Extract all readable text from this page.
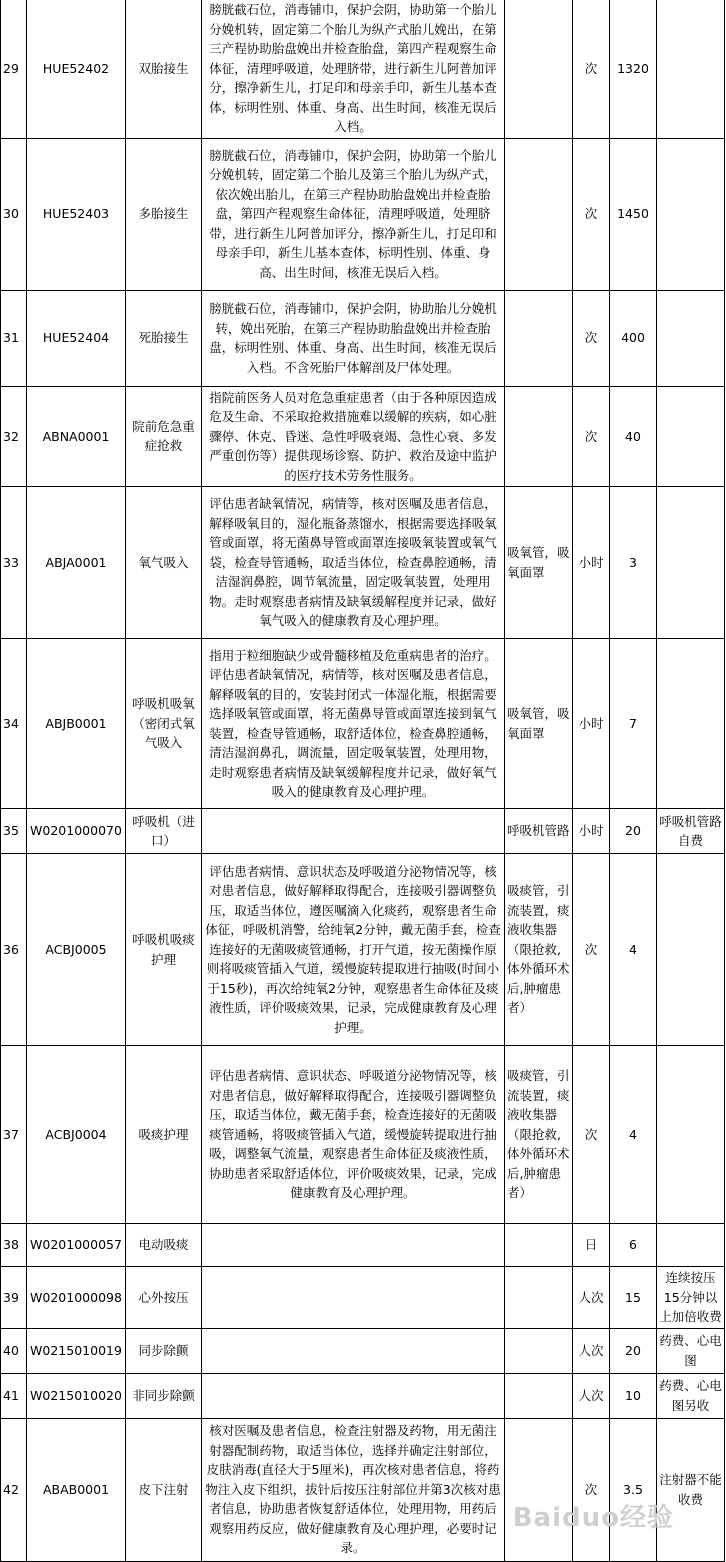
29	HUE52402	双胎接生	膀胱截石位，消毒铺巾，保护会阴，协助第一个胎儿分娩机转，固定第二个胎儿为纵产式胎儿娩出，在第三产程协助胎盘娩出并检查胎盘，第四产程观察生命体征，清理呼吸道，处理脐带，进行新生儿阿普加评分，擦净新生儿，打足印和母亲手印，新生儿基本查体，标明性别、体重、身高、出生时间，核准无误后入档。		次	1320	
30	HUE52403	多胎接生	膀胱截石位，消毒铺巾，保护会阴，协助第一个胎儿分娩机转，固定第二个胎儿及第三个胎儿为纵产式，依次娩出胎儿，在第三产程协助胎盘娩出并检查胎盘，第四产程观察生命体征，清理呼吸道，处理脐带，进行新生儿阿普加评分，擦净新生儿，打足印和母亲手印，新生儿基本查体，标明性别、体重、身高、出生时间，核准无误后入档。		次	1450	
31	HUE52404	死胎接生	膀胱截石位，消毒铺巾，保护会阴，协助胎儿分娩机转，娩出死胎，在第三产程协助胎盘娩出并检查胎盘，标明性别、体重、身高、出生时间，核准无误后入档。不含死胎尸体解剖及尸体处理。		次	400	
32	ABNA0001	院前危急重症抢救	指院前医务人员对危急重症患者（由于各种原因造成危及生命、不采取抢救措施难以缓解的疾病，如心脏骤停、休克、昏迷、急性呼吸衰竭、急性心衰、多发严重创伤等）提供现场诊察、防护、救治及途中监护的医疗技术劳务性服务。		次	40	
33	ABJA0001	氧气吸入	评估患者缺氧情况，病情等，核对医嘱及患者信息，解释吸氧目的，湿化瓶备蒸馏水，根据需要选择吸氧管或面罩，将无菌鼻导管或面罩连接吸氧装置或氧气袋，检查导管通畅，取适当体位，检查鼻腔通畅，清洁湿润鼻腔，调节氧流量，固定吸氧装置，处理用物。走时观察患者病情及缺氧缓解程度并记录，做好氧气吸入的健康教育及心理护理。	吸氧管，吸氧面罩	小时	3	
34	ABJB0001	呼吸机吸氧（密闭式氧气吸入	指用于粒细胞缺少或骨髓移植及危重病患者的治疗。评估患者缺氧情况，病情等，核对医嘱及患者信息，解释吸氧的目的，安装封闭式一体湿化瓶，根据需要选择吸氧管或面罩，将无菌鼻导管或面罩连接到氧气装置，检查导管通畅，取舒适体位，检查鼻腔通畅，清洁湿润鼻孔，调流量，固定吸氧装置，处理用物，走时观察患者病情及缺氧缓解程度并记录，做好氧气吸入的健康教育及心理护理。	吸氧管，吸氧面罩	小时	7	
35	W0201000070	呼吸机（进口）		呼吸机管路	小时	20	呼吸机管路自费
36	ACBJ0005	呼吸机吸痰护理	评估患者病情、意识状态及呼吸道分泌物情况等，核对患者信息，做好解释取得配合，连接吸引器调整负压，取适当体位，遵医嘱滴入化痰药，观察患者生命体征，呼吸机消警，给纯氧2分钟，戴无菌手套，检查连接好的无菌吸痰管通畅，打开气道，按无菌操作原则将吸痰管插入气道，缓慢旋转提取进行抽吸(时间小于15秒)，再次给纯氧2分钟，观察患者生命体征及痰液性质，评价吸痰效果，记录，完成健康教育及心理护理。	吸痰管，引流装置，痰液收集器（限抢救,体外循环术后,肿瘤患者）	次	4	
37	ACBJ0004	吸痰护理	评估患者病情、意识状态、呼吸道分泌物情况等，核对患者信息，做好解释取得配合，连接吸引器调整负压，取适当体位，戴无菌手套，检查连接好的无菌吸痰管通畅，将吸痰管插入气道，缓慢旋转提取进行抽吸，调整氧气流量，观察患者生命体征及痰液性质，协助患者采取舒适体位，评价吸痰效果，记录，完成健康教育及心理护理。	吸痰管，引流装置，痰液收集器（限抢救,体外循环术后,肿瘤患者）	次	4	
38	W0201000057	电动吸痰			日	6	
39	W0201000098	心外按压			人次	15	连续按压15分钟以上加倍收费
40	W0215010019	同步除颤			人次	20	药费、心电图
41	W0215010020	非同步除颤			人次	10	药费、心电图另收
42	ABAB0001	皮下注射	核对医嘱及患者信息，检查注射器及药物，用无菌注射器配制药物，取适当体位，选择并确定注射部位，皮肤消毒(直径大于5厘米)，再次核对患者信息，将药物注入皮下组织，拔针后按压注射部位并第3次核对患者信息，协助患者恢复舒适体位，处理用物，用药后观察用药反应，做好健康教育及心理护理，必要时记录。		次	3.5	注射器不能收费
Baiduo经验
